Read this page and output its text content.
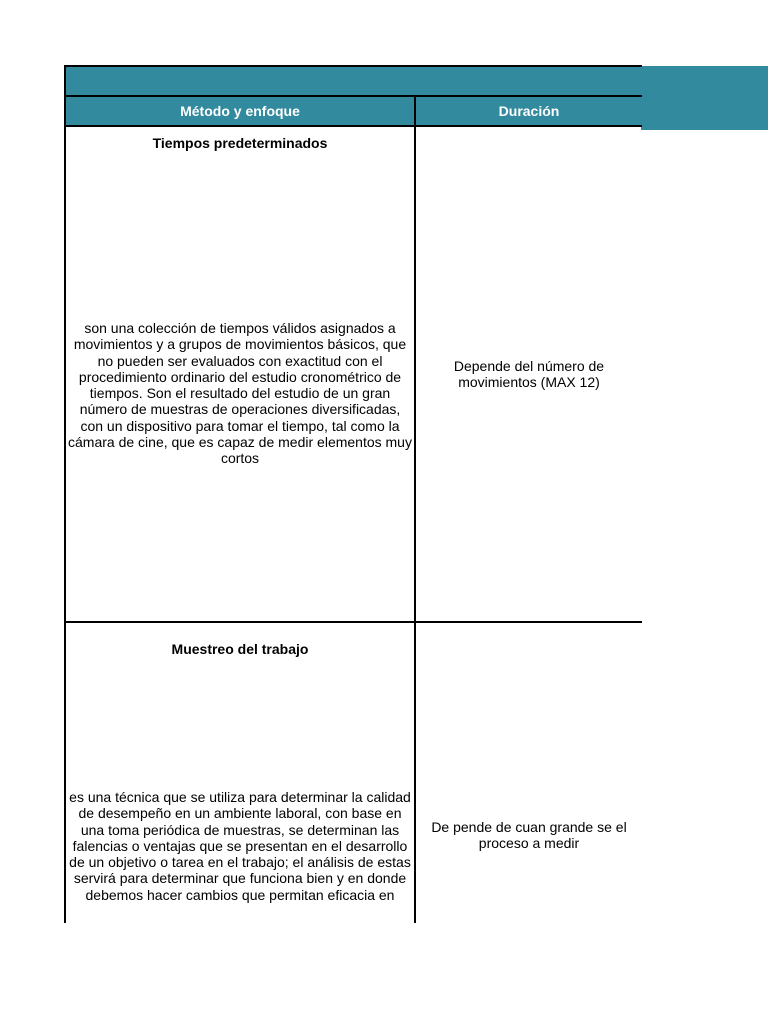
Método y enfoque	Duración

Tiempos predeterminados
son una colección de tiempos válidos asignados a movimientos y a grupos de movimientos básicos, que no pueden ser evaluados con exactitud con el procedimiento ordinario del estudio cronométrico de tiempos. Son el resultado del estudio de un gran número de muestras de operaciones diversificadas, con un dispositivo para tomar el tiempo, tal como la cámara de cine, que es capaz de medir elementos muy cortos	Depende del número de movimientos (MAX 12)

Muestreo del trabajo
es una técnica que se utiliza para determinar la calidad de desempeño en un ambiente laboral, con base en una toma periódica de muestras, se determinan las falencias o ventajas que se presentan en el desarrollo de un objetivo o tarea en el trabajo; el análisis de estas servirá para determinar que funciona bien y en donde debemos hacer cambios que permitan eficacia en	De pende de cuan grande se el proceso a medir
